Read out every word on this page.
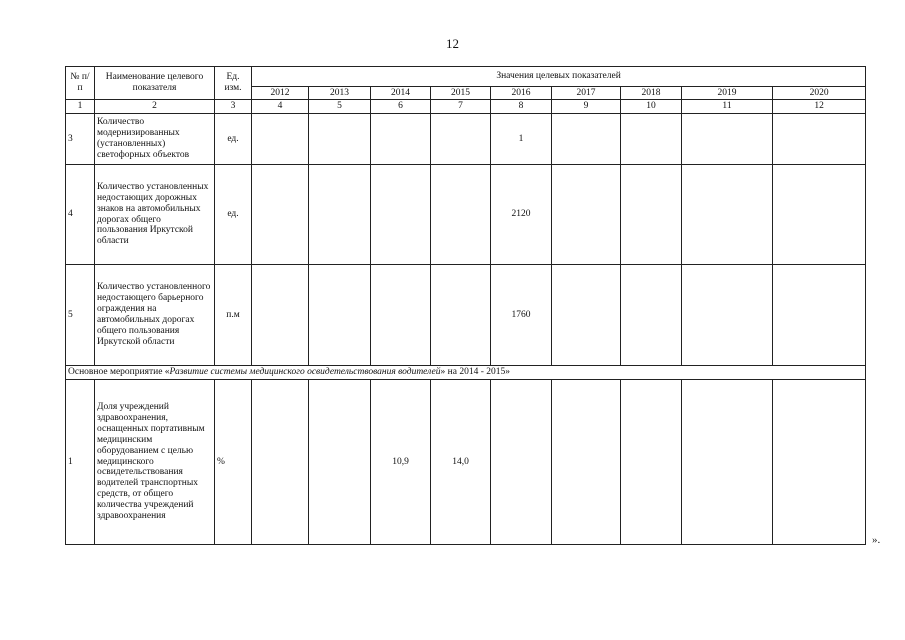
12
№ п/п	Наименование целевого показателя	Ед. изм.	Значения целевых показателей								
			2012	2013	2014	2015	2016	2017	2018	2019	2020
1	2	3	4	5	6	7	8	9	10	11	12
3	Количество модернизированных (установленных) светофорных объектов	ед.					1				
4	Количество установленных недостающих дорожных знаков на автомобильных дорогах общего пользования Иркутской области	ед.					2120				
5	Количество установленного недостающего барьерного ограждения на автомобильных дорогах общего пользования Иркутской области	п.м					1760				
Основное мероприятие «Развитие системы медицинского освидетельствования водителей» на 2014 - 2015»											
1	Доля учреждений здравоохранения, оснащенных портативным медицинским оборудованием с целью медицинского освидетельствования водителей транспортных средств, от общего количества учреждений здравоохранения	%			10,9	14,0					
».
